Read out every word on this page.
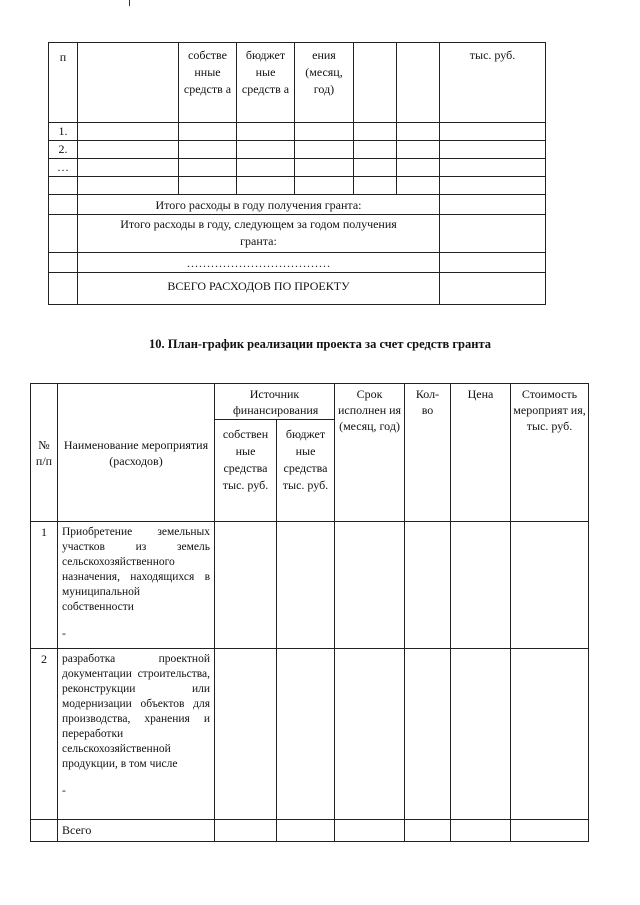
п		собстве нные средств а	бюджет ные средств а	ения (месяц, год)			тыс. руб.
1.							
2.							
…							

	Итого расходы в году получения гранта:						
	Итого расходы в году, следующем за годом получения гранта:						
	………………………………						
	ВСЕГО РАСХОДОВ ПО ПРОЕКТУ						
10. План-график реализации проекта за счет средств гранта
№ п/п	Наименование мероприятия (расходов)	Источник финансирования		Срок исполнен ия (месяц, год)	Кол-во	Цена	Стоимость мероприят ия, тыс. руб.
		собствен ные средства тыс. руб.	бюджет ные средства тыс. руб.				
1	Приобретение земельных участков из земель сельскохозяйственного назначения, находящихся в муниципальной собственности
-						

2	разработка проектной документации строительства, реконструкции или модернизации объектов для производства, хранения и переработки сельскохозяйственной продукции, в том числе
-						

	Всего						
